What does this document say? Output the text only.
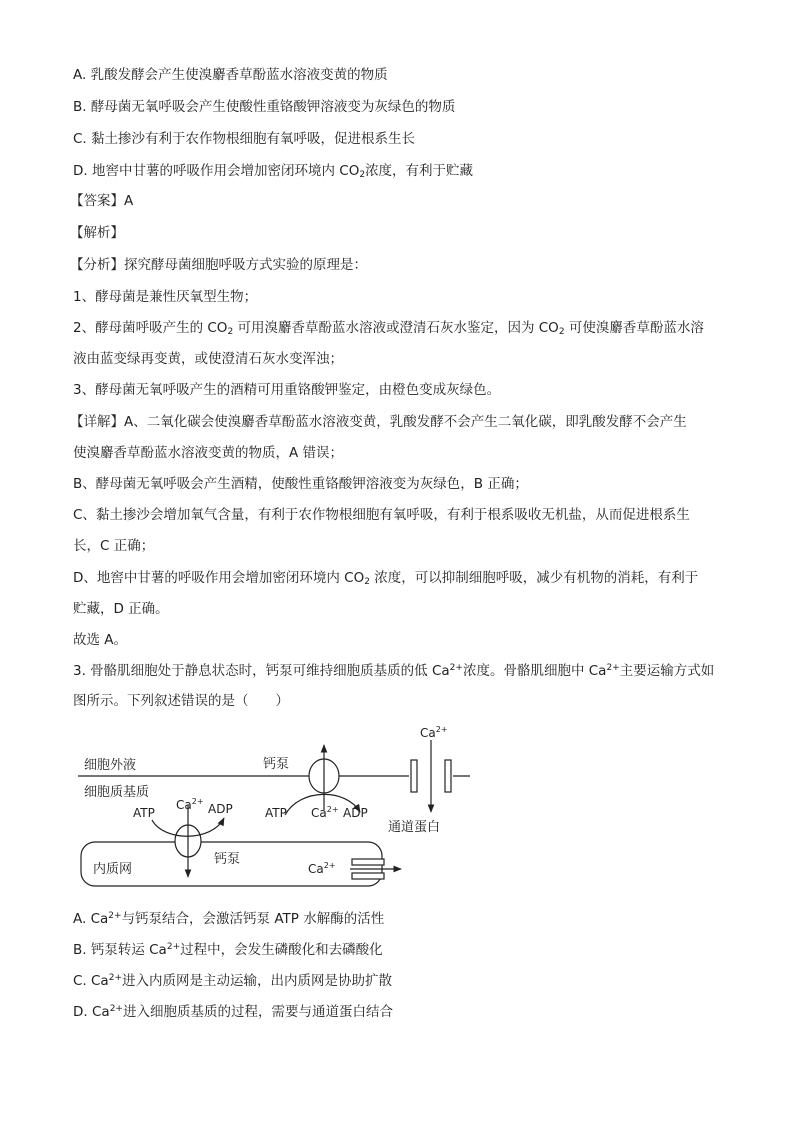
A. 乳酸发酵会产生使溴麝香草酚蓝水溶液变黄的物质
B. 酵母菌无氧呼吸会产生使酸性重铬酸钾溶液变为灰绿色的物质
C. 黏土掺沙有利于农作物根细胞有氧呼吸，促进根系生长
D. 地窖中甘薯的呼吸作用会增加密闭环境内 $CO_2$浓度，有利于贮藏
【答案】A
【解析】
【分析】探究酵母菌细胞呼吸方式实验的原理是：
1、酵母菌是兼性厌氧型生物；
2、酵母菌呼吸产生的 $CO_2$ 可用溴麝香草酚蓝水溶液或澄清石灰水鉴定，因为 $CO_2$ 可使溴麝香草酚蓝水溶
液由蓝变绿再变黄，或使澄清石灰水变浑浊；
3、酵母菌无氧呼吸产生的酒精可用重铬酸钾鉴定，由橙色变成灰绿色。
【详解】A、二氧化碳会使溴麝香草酚蓝水溶液变黄，乳酸发酵不会产生二氧化碳，即乳酸发酵不会产生
使溴麝香草酚蓝水溶液变黄的物质，A 错误；
B、酵母菌无氧呼吸会产生酒精，使酸性重铬酸钾溶液变为灰绿色，B 正确；
C、黏土掺沙会增加氧气含量，有利于农作物根细胞有氧呼吸，有利于根系吸收无机盐，从而促进根系生
长，C 正确；
D、地窖中甘薯的呼吸作用会增加密闭环境内 $CO_2$ 浓度，可以抑制细胞呼吸，减少有机物的消耗，有利于
贮藏，D 正确。
故选 A。
3. 骨骼肌细胞处于静息状态时，钙泵可维持细胞质基质的低 $Ca^{2+}$浓度。骨骼肌细胞中 $Ca^{2+}$主要运输方式如
图所示。下列叙述错误的是（　　）
细胞外液
细胞质基质
钙泵
ATP $Ca^{2+}$ ADP
$Ca^{2+}$
通道蛋白
内质网
ATP
$Ca^{2+}$
ADP
钙泵
$Ca^{2+}$
A. $Ca^{2+}$与钙泵结合，会激活钙泵 ATP 水解酶的活性
B. 钙泵转运 $Ca^{2+}$过程中，会发生磷酸化和去磷酸化
C. $Ca^{2+}$进入内质网是主动运输，出内质网是协助扩散
D. $Ca^{2+}$进入细胞质基质的过程，需要与通道蛋白结合
